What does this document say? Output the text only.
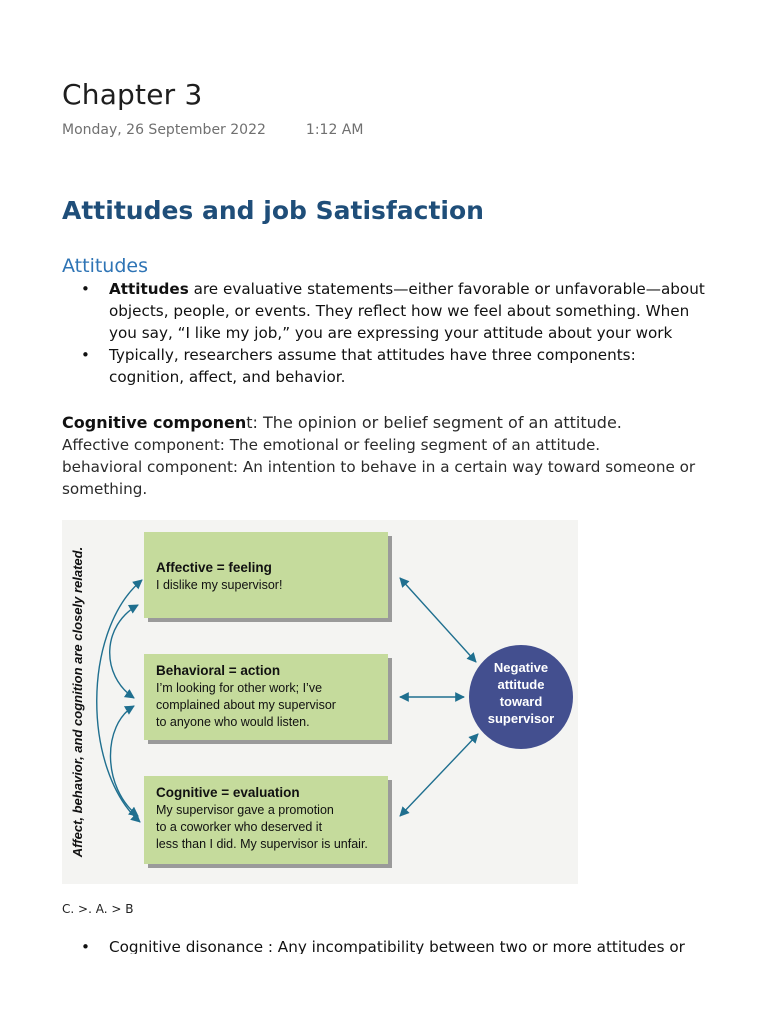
Chapter 3
Monday, 26 September 2022	1:12 AM
Attitudes and job Satisfaction
Attitudes
• Attitudes are evaluative statements—either favorable or unfavorable—about objects, people, or events. They reflect how we feel about something. When you say, “I like my job,” you are expressing your attitude about your work
• Typically, researchers assume that attitudes have three components: cognition, affect, and behavior.
Cognitive component: The opinion or belief segment of an attitude.
Affective component: The emotional or feeling segment of an attitude.
behavioral component: An intention to behave in a certain way toward someone or something.
Affect, behavior, and cognition are closely related.	Affective = feeling
I dislike my supervisor!
Behavioral = action
I’m looking for other work; I’ve
complained about my supervisor
to anyone who would listen.
Cognitive = evaluation
My supervisor gave a promotion
to a coworker who deserved it
less than I did. My supervisor is unfair.
Negative
attitude
toward
supervisor
C. >. A. > B
• Cognitive disonance : Any incompatibility between two or more attitudes or
